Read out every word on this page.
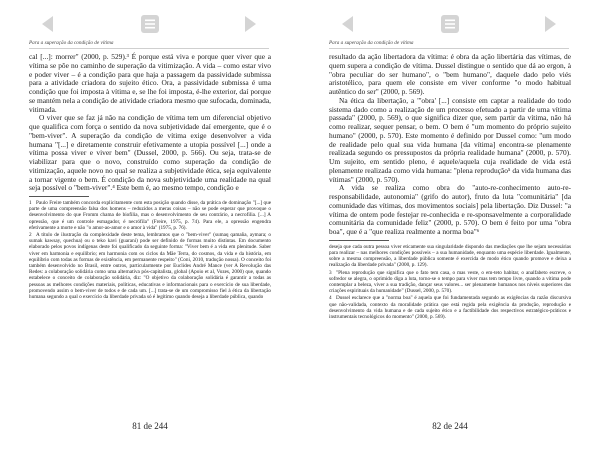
Para a superação da condição de vítima

cal [...]: morrer" (2000, p. 529).³ É porque está viva e porque quer viver que a vítima se põe no caminho de superação da vitimização. A vida – como estar vivo e poder viver – é a condição para que haja a passagem da passividade submissa para a atividade criadora do sujeito ético. Ora, a passividade submissa é uma condição que foi imposta à vítima e, se lhe foi imposta, é-lhe exterior, daí porque se mantém nela a condição de atividade criadora mesmo que sufocada, dominada, vitimada.

O viver que se faz já não na condição de vítima tem um diferencial objetivo que qualifica com força o sentido da nova subjetividade daí emergente, que é o "bem-viver". A superação da condição de vítima exige desenvolver a vida humana "[...] e diretamente construir efetivamente a utopia possível [...] onde a vítima possa viver e viver bem" (Dussel, 2000, p. 566). Ou seja, trata-se de viabilizar para que o novo, construído como superação da condição de vitimização, aquele novo no qual se realiza a subjetividade ética, seja equivalente a tornar vigente o bem. É condição da nova subjetividade uma realidade na qual seja possível o "bem-viver".⁴ Este bem é, ao mesmo tempo, condição e

1 Paulo Freire também concorda explicitamente com esta posição quando disse, da prática de dominação "[...] que parte de uma compreensão falsa dos homens – reduzidos a meras coisas – não se pode esperar que provoque o desenvolvimento do que Fromm chama de biofilia, mas o desenvolvimento de seu contrário, a necrofilia. [...] A opressão, que é um controle esmagador, é necrófila" (Freire, 1975, p. 74). Para ele, a opressão engendra efetivamente a morte e não "o amor-ao-amor e o amor à vida" (1975, p. 76).

2 A título de ilustração da complexidade deste tema, lembramos que o "bem-viver" (sumaq qamaña, aymara; o sumak kawsay, quechua) ou o teko kavi (guarani) pode ser definido de formas muito distintas. Em documento elaborado pelos povos indígenas deste foi qualificado da seguinte forma: "Viver bem é a vida em plenitude. Saber viver em harmonia e equilíbrio; em harmonia com os ciclos da Mãe Terra, do cosmos, da vida e da história, em equilíbrio com todas as formas de existência, em permanente respeito" (Coni, 2010, tradução nossa). O conceito foi também desenvolvido no Brasil, entre outros, particularmente por Euclides André Mance (ver A Revolução das Redes: a colaboração solidária como uma alternativa pós-capitalista, global (Apoio et al, Vozes, 2000) que, quando estabelece o conceito de colaboração solidária, diz: "O objetivo da colaboração solidária é garantir a todas as pessoas as melhores condições materiais, políticas, educativas e informacionais para o exercício de sua liberdade, promovendo assim o bem-viver de todos e de cada um. [...] trata-se de um compromisso fiel à ética da libertação humana segundo a qual o exercício da liberdade privada só é legítimo quando deseja a liberdade pública, quando

81 de 244
Para a superação da condição de vítima

resultado da ação libertadora da vítima: é obra da ação libertária das vítimas, de quem supera a condição de vítima. Dussel distingue o sentido que dá ao ergon, à "obra peculiar do ser humano", o "bem humano", daquele dado pelo viés aristotélico, para quem ele consiste em viver conforme "o modo habitual autêntico do ser" (2000, p. 569).

Na ética da libertação, a "'obra' [...] consiste em captar a realidade do todo sistema dado como a realização de um processo efetuado a partir de uma vítima passada" (2000, p. 569), o que significa dizer que, sem partir da vítima, não há como realizar, sequer pensar, o bem. O bem é "um momento do próprio sujeito humano" (2000, p. 570). Este momento é definido por Dussel como: "um modo de realidade pelo qual sua vida humana [da vítima] encontra-se plenamente realizada segundo os pressupostos da própria realidade humana" (2000, p. 570). Um sujeito, em sentido pleno, é aquele/aquela cuja realidade de vida está plenamente realizada como vida humana: "plena reprodução⁵ da vida humana das vítimas" (2000, p. 570).

A vida se realiza como obra do "auto-re-conhecimento auto-re-responsabilidade, autonomia" (grifo do autor), fruto da luta "comunitária" [da comunidade das vítimas, dos movimentos sociais] pela libertação. Diz Dussel: "a vítima de ontem pode festejar re-conhecida e re-sponsavelmente a corporalidade comunitária da comunidade feliz" (2000, p. 570). O bem é feito por uma "obra boa", que é a "que realiza realmente a norma boa"⁶

deseja que cada outra pessoa viver eticamente sua singularidade dispondo das mediações que lhe sejam necessárias para realizar – nas melhores condições possíveis – a sua humanidade, enquanto uma espécie liberdade. Igualmente, sobre a mesma compreensão, a liberdade pública somente é exercida de modo ético quando promove e deixa a realização da liberdade privada" (2000, p. 129).

3 "Plena reprodução que significa que o fato tem casa, o mas veste, o em-teto habitar, o analfabeto escreve, o sofredor se alegra, o oprimido diga a luta, torno-se o tempo para viver mas tem tempo livre, quando a vítima pode contemplar a beleza, viver a sua tradição, dançar seus valores... ser plenamente humanos nos níveis superiores das criações espirituais da humanidade" (Dussel, 2000, p. 570).

4 Dussel esclarece que a "norma boa" é aquela que foi fundamentada segundo as exigências da razão discursiva que não-validada, contexto da moralidade prática que está regida pela exigência da produção, reprodução e desenvolvimento da vida humana e de cada sujeito ético e a factibilidade dos respectivos estratégico-práticos e instrumentais tecnológicos do momento" (2000, p. 569).

82 de 244
